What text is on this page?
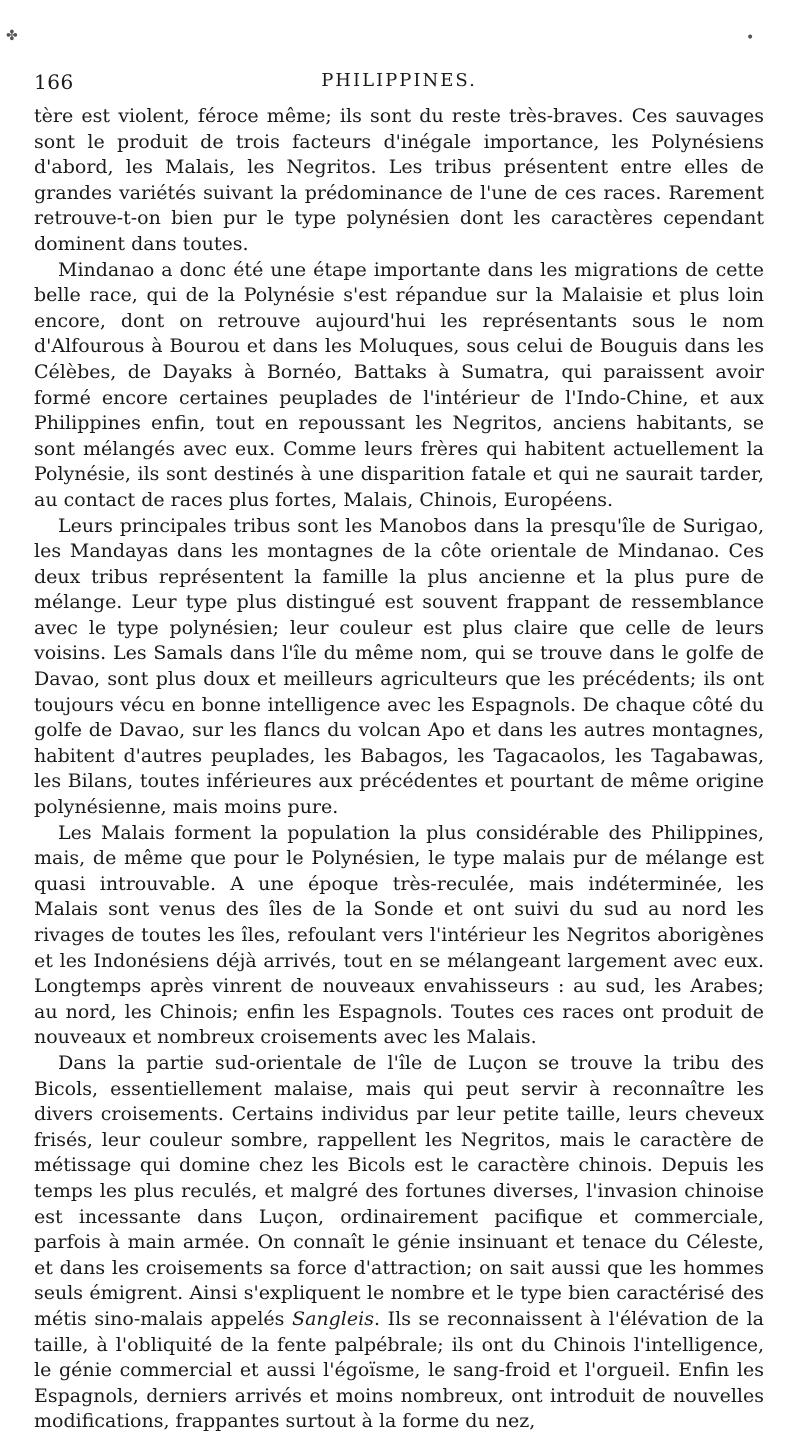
✤	•
166	PHILIPPINES.

tère est violent, féroce même; ils sont du reste très-braves. Ces sauvages sont le produit de trois facteurs d'inégale importance, les Polynésiens d'abord, les Malais, les Negritos. Les tribus présentent entre elles de grandes variétés suivant la prédominance de l'une de ces races. Rarement retrouve-t-on bien pur le type polynésien dont les caractères cependant dominent dans toutes.

Mindanao a donc été une étape importante dans les migrations de cette belle race, qui de la Polynésie s'est répandue sur la Malaisie et plus loin encore, dont on retrouve aujourd'hui les représentants sous le nom d'Alfourous à Bourou et dans les Moluques, sous celui de Bouguis dans les Célèbes, de Dayaks à Bornéo, Battaks à Sumatra, qui paraissent avoir formé encore certaines peuplades de l'intérieur de l'Indo-Chine, et aux Philippines enfin, tout en repoussant les Negritos, anciens habitants, se sont mélangés avec eux. Comme leurs frères qui habitent actuellement la Polynésie, ils sont destinés à une disparition fatale et qui ne saurait tarder, au contact de races plus fortes, Malais, Chinois, Européens.

Leurs principales tribus sont les Manobos dans la presqu'île de Surigao, les Mandayas dans les montagnes de la côte orientale de Mindanao. Ces deux tribus représentent la famille la plus ancienne et la plus pure de mélange. Leur type plus distingué est souvent frappant de ressemblance avec le type polynésien; leur couleur est plus claire que celle de leurs voisins. Les Samals dans l'île du même nom, qui se trouve dans le golfe de Davao, sont plus doux et meilleurs agriculteurs que les précédents; ils ont toujours vécu en bonne intelligence avec les Espagnols. De chaque côté du golfe de Davao, sur les flancs du volcan Apo et dans les autres montagnes, habitent d'autres peuplades, les Babagos, les Tagacaolos, les Tagabawas, les Bilans, toutes inférieures aux précédentes et pourtant de même origine polynésienne, mais moins pure.

Les Malais forment la population la plus considérable des Philippines, mais, de même que pour le Polynésien, le type malais pur de mélange est quasi introuvable. A une époque très-reculée, mais indéterminée, les Malais sont venus des îles de la Sonde et ont suivi du sud au nord les rivages de toutes les îles, refoulant vers l'intérieur les Negritos aborigènes et les Indonésiens déjà arrivés, tout en se mélangeant largement avec eux. Longtemps après vinrent de nouveaux envahisseurs : au sud, les Arabes; au nord, les Chinois; enfin les Espagnols. Toutes ces races ont produit de nouveaux et nombreux croisements avec les Malais.

Dans la partie sud-orientale de l'île de Luçon se trouve la tribu des Bicols, essentiellement malaise, mais qui peut servir à reconnaître les divers croisements. Certains individus par leur petite taille, leurs cheveux frisés, leur couleur sombre, rappellent les Negritos, mais le caractère de métissage qui domine chez les Bicols est le caractère chinois. Depuis les temps les plus reculés, et malgré des fortunes diverses, l'invasion chinoise est incessante dans Luçon, ordinairement pacifique et commerciale, parfois à main armée. On connaît le génie insinuant et tenace du Céleste, et dans les croisements sa force d'attraction; on sait aussi que les hommes seuls émigrent. Ainsi s'expliquent le nombre et le type bien caractérisé des métis sino-malais appelés Sangleis. Ils se reconnaissent à l'élévation de la taille, à l'obliquité de la fente palpébrale; ils ont du Chinois l'intelligence, le génie commercial et aussi l'égoïsme, le sang-froid et l'orgueil. Enfin les Espagnols, derniers arrivés et moins nombreux, ont introduit de nouvelles modifications, frappantes surtout à la forme du nez,
